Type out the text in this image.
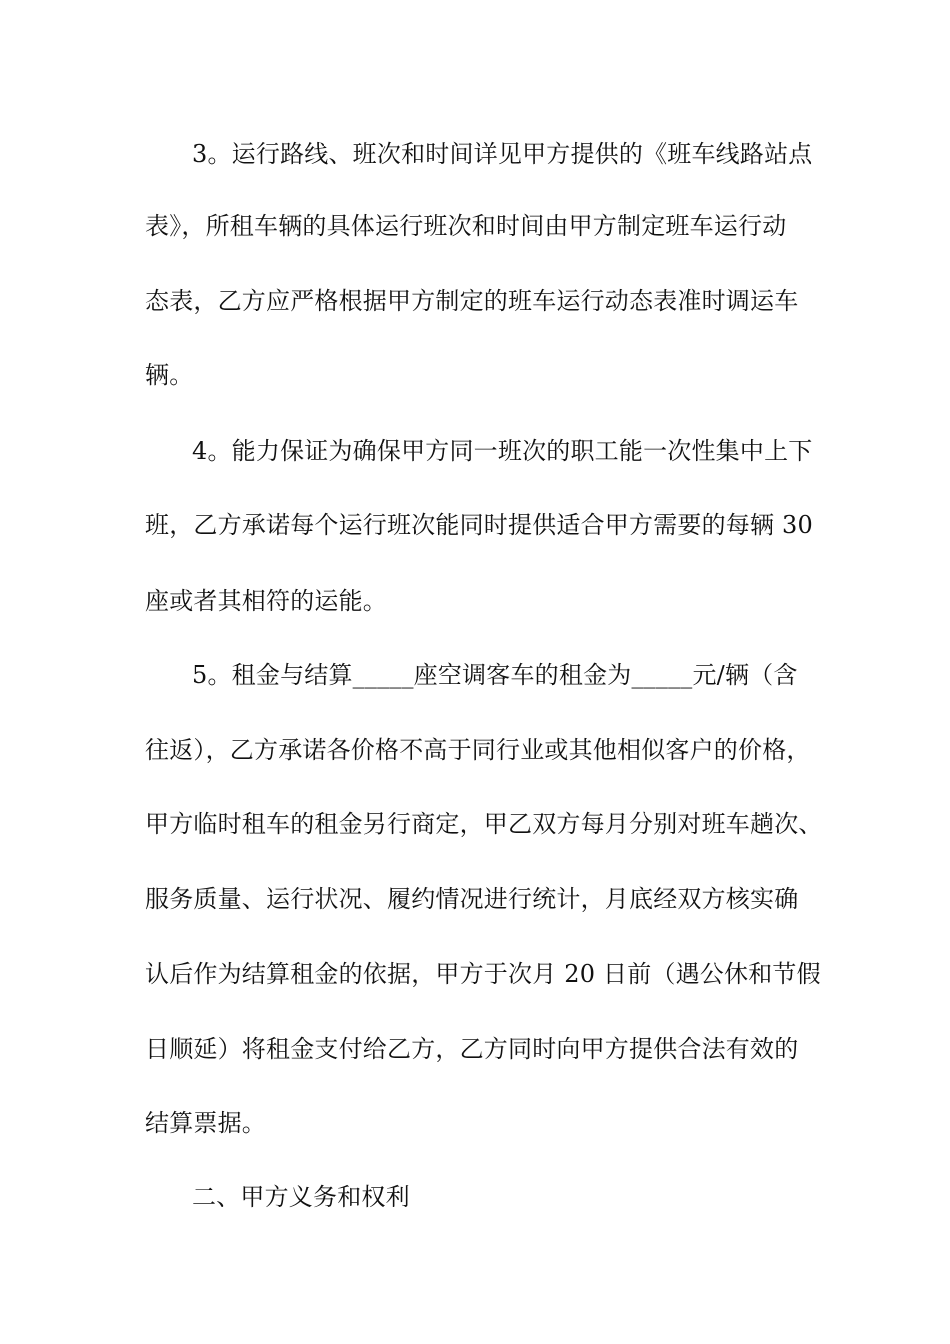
3。运行路线、班次和时间详见甲方提供的《班车线路站点

表》，所租车辆的具体运行班次和时间由甲方制定班车运行动

态表，乙方应严格根据甲方制定的班车运行动态表准时调运车

辆。

4。能力保证为确保甲方同一班次的职工能一次性集中上下

班，乙方承诺每个运行班次能同时提供适合甲方需要的每辆 30

座或者其相符的运能。

5。租金与结算_____座空调客车的租金为_____元/辆（含

往返），乙方承诺各价格不高于同行业或其他相似客户的价格，

甲方临时租车的租金另行商定，甲乙双方每月分别对班车趟次、

服务质量、运行状况、履约情况进行统计，月底经双方核实确

认后作为结算租金的依据，甲方于次月 20 日前（遇公休和节假

日顺延）将租金支付给乙方，乙方同时向甲方提供合法有效的

结算票据。

二、甲方义务和权利
